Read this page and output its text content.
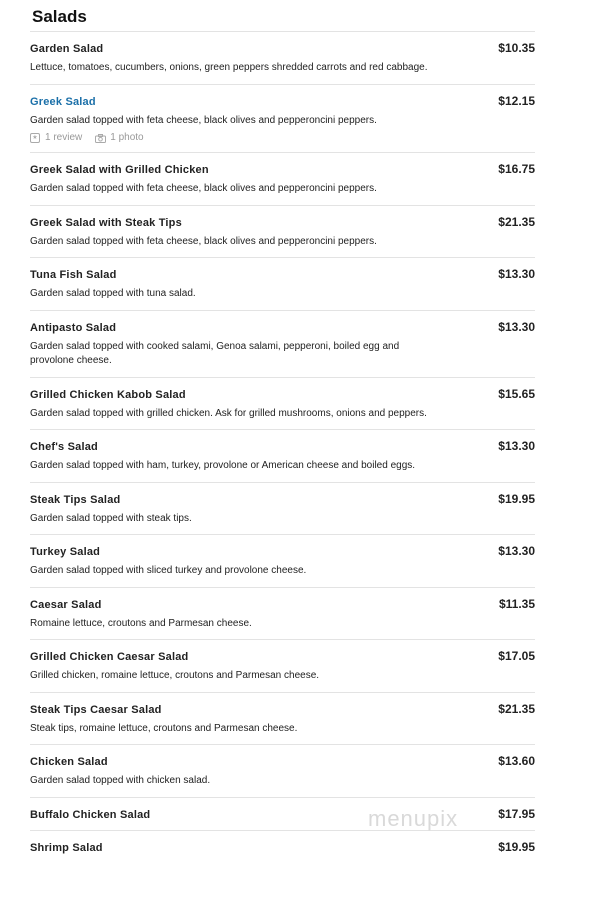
Salads
Garden Salad	$10.35
Lettuce, tomatoes, cucumbers, onions, green peppers shredded carrots and red cabbage.
Greek Salad	$12.15
Garden salad topped with feta cheese, black olives and pepperoncini peppers.
★ 1 review	1 photo
Greek Salad with Grilled Chicken	$16.75
Garden salad topped with feta cheese, black olives and pepperoncini peppers.
Greek Salad with Steak Tips	$21.35
Garden salad topped with feta cheese, black olives and pepperoncini peppers.
Tuna Fish Salad	$13.30
Garden salad topped with tuna salad.
Antipasto Salad	$13.30
Garden salad topped with cooked salami, Genoa salami, pepperoni, boiled egg and provolone cheese.
Grilled Chicken Kabob Salad	$15.65
Garden salad topped with grilled chicken. Ask for grilled mushrooms, onions and peppers.
Chef's Salad	$13.30
Garden salad topped with ham, turkey, provolone or American cheese and boiled eggs.
Steak Tips Salad	$19.95
Garden salad topped with steak tips.
Turkey Salad	$13.30
Garden salad topped with sliced turkey and provolone cheese.
Caesar Salad	$11.35
Romaine lettuce, croutons and Parmesan cheese.
Grilled Chicken Caesar Salad	$17.05
Grilled chicken, romaine lettuce, croutons and Parmesan cheese.
Steak Tips Caesar Salad	$21.35
Steak tips, romaine lettuce, croutons and Parmesan cheese.
Chicken Salad	$13.60
Garden salad topped with chicken salad.
Buffalo Chicken Salad	$17.95
Shrimp Salad	$19.95
menupix
